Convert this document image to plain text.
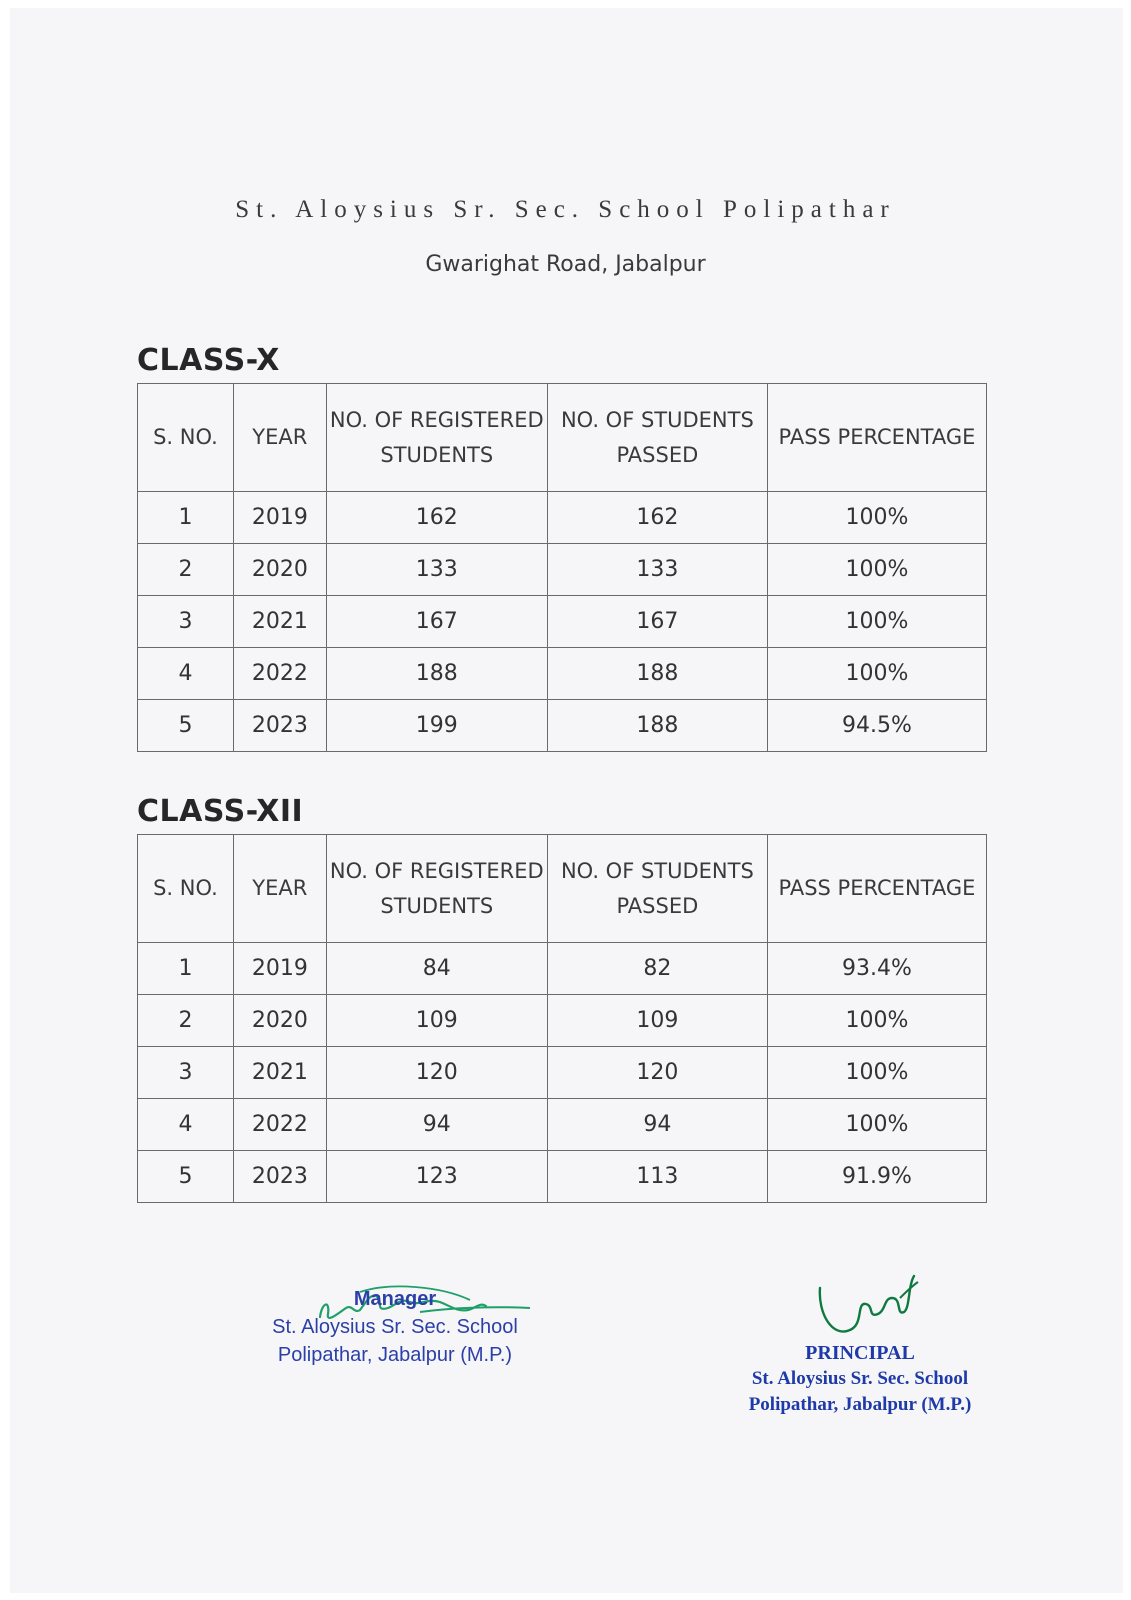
St. Aloysius Sr. Sec. School Polipathar
Gwarighat Road, Jabalpur
CLASS-X
S. NO.	YEAR	NO. OF REGISTERED STUDENTS	NO. OF STUDENTS PASSED	PASS PERCENTAGE
1	2019	162	162	100%
2	2020	133	133	100%
3	2021	167	167	100%
4	2022	188	188	100%
5	2023	199	188	94.5%
CLASS-XII
S. NO.	YEAR	NO. OF REGISTERED STUDENTS	NO. OF STUDENTS PASSED	PASS PERCENTAGE
1	2019	84	82	93.4%
2	2020	109	109	100%
3	2021	120	120	100%
4	2022	94	94	100%
5	2023	123	113	91.9%
Manager
St. Aloysius Sr. Sec. School
Polipathar, Jabalpur (M.P.)	PRINCIPAL
St. Aloysius Sr. Sec. School
Polipathar, Jabalpur (M.P.)
